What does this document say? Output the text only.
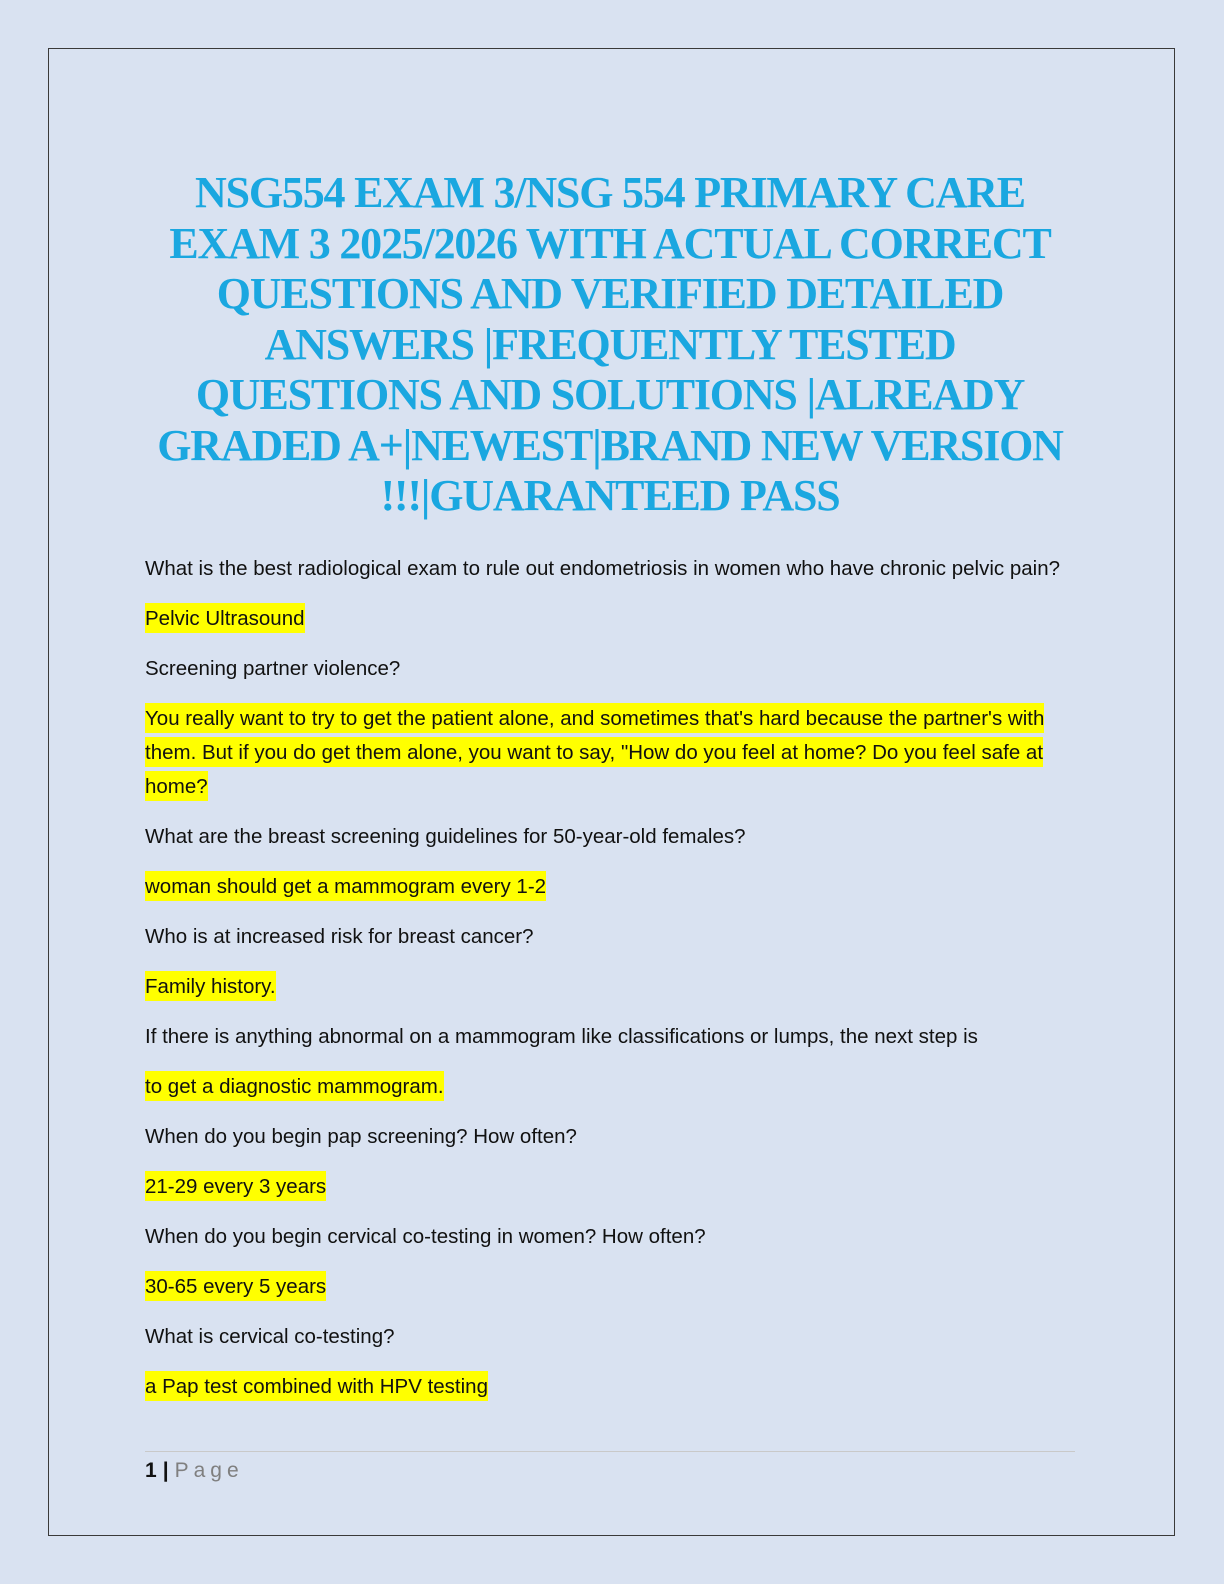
NSG554 EXAM 3/NSG 554 PRIMARY CARE EXAM 3 2025/2026 WITH ACTUAL CORRECT QUESTIONS AND VERIFIED DETAILED ANSWERS |FREQUENTLY TESTED QUESTIONS AND SOLUTIONS |ALREADY GRADED A+|NEWEST|BRAND NEW VERSION !!!|GUARANTEED PASS

What is the best radiological exam to rule out endometriosis in women who have chronic pelvic pain?

Pelvic Ultrasound

Screening partner violence?

You really want to try to get the patient alone, and sometimes that's hard because the partner's with them. But if you do get them alone, you want to say, "How do you feel at home? Do you feel safe at home?

What are the breast screening guidelines for 50-year-old females?

woman should get a mammogram every 1-2

Who is at increased risk for breast cancer?

Family history.

If there is anything abnormal on a mammogram like classifications or lumps, the next step is

to get a diagnostic mammogram.

When do you begin pap screening? How often?

21-29 every 3 years

When do you begin cervical co-testing in women? How often?

30-65 every 5 years

What is cervical co-testing?

a Pap test combined with HPV testing

1 | Page
